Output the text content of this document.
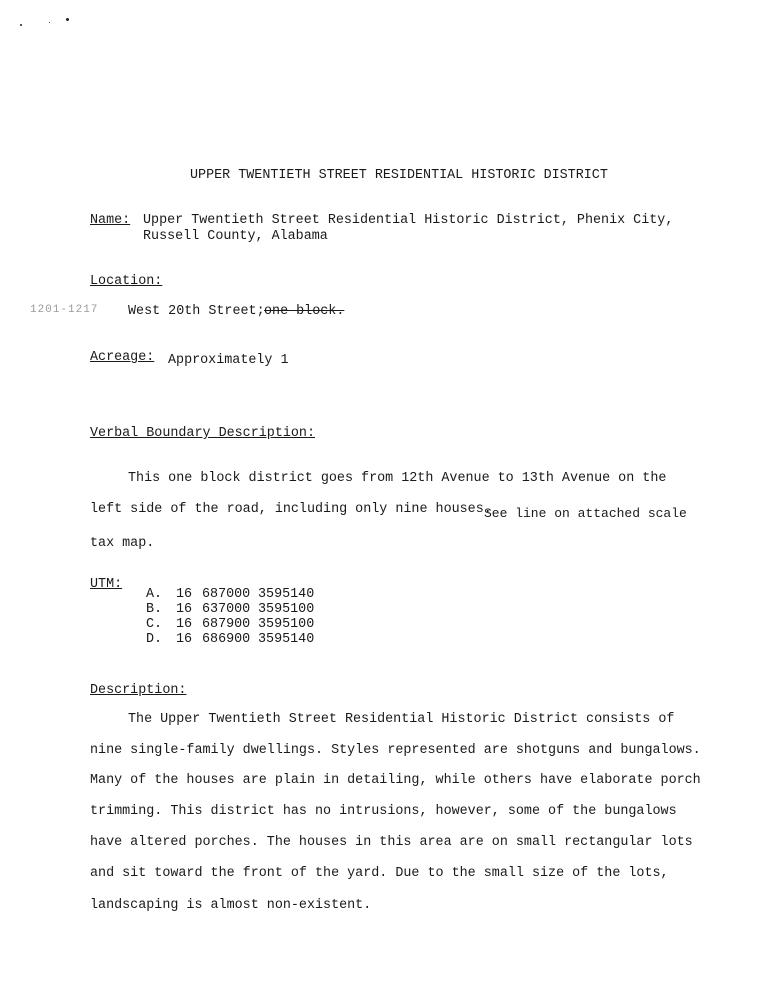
UPPER TWENTIETH STREET RESIDENTIAL HISTORIC DISTRICT
Name: Upper Twentieth Street Residential Historic District, Phenix City,
Russell County, Alabama
Location:
1201-1217 West 20th Street; one block.
Acreage: Approximately 1
Verbal Boundary Description:
This one block district goes from 12th Avenue to 13th Avenue on the
left side of the road, including only nine houses.
See line on attached scale
tax map.
UTM:
A. 16 687000 3595140
B. 16 637000 3595100
C. 16 687900 3595100
D. 16 686900 3595140
Description:
The Upper Twentieth Street Residential Historic District consists of
nine single-family dwellings. Styles represented are shotguns and bungalows.
Many of the houses are plain in detailing, while others have elaborate porch
trimming. This district has no intrusions, however, some of the bungalows
have altered porches. The houses in this area are on small rectangular lots
and sit toward the front of the yard. Due to the small size of the lots,
landscaping is almost non-existent.
